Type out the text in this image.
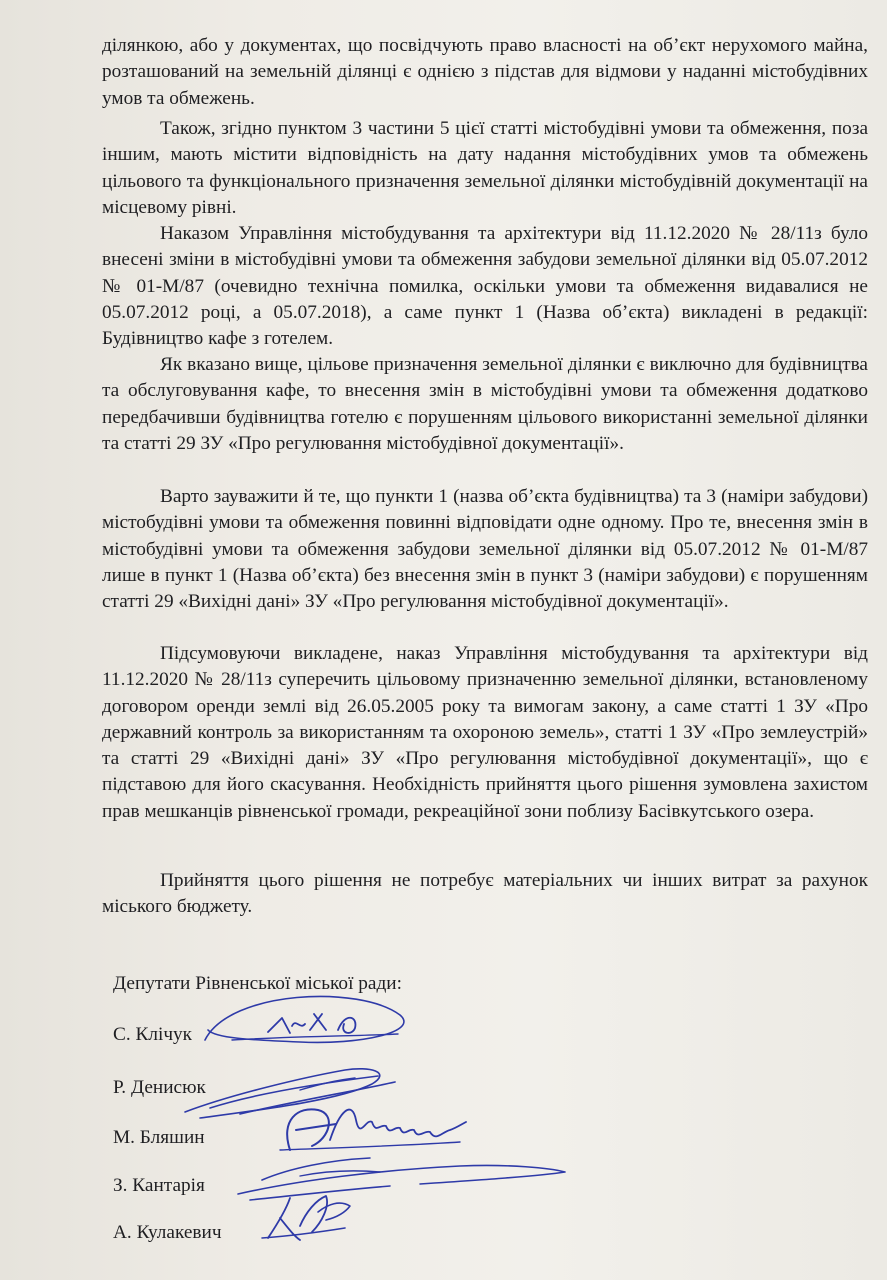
ділянкою, або у документах, що посвідчують право власності на об’єкт нерухомого майна, розташований на земельній ділянці є однією з підстав для відмови у наданні містобудівних умов та обмежень.

Також, згідно пунктом 3 частини 5 цієї статті містобудівні умови та обмеження, поза іншим, мають містити відповідність на дату надання містобудівних умов та обмежень цільового та функціонального призначення земельної ділянки містобудівній документації на місцевому рівні.

Наказом Управління містобудування та архітектури від 11.12.2020 № 28/11з було внесені зміни в містобудівні умови та обмеження забудови земельної ділянки від 05.07.2012 № 01-М/87 (очевидно технічна помилка, оскільки умови та обмеження видавалися не 05.07.2012 році, а 05.07.2018), а саме пункт 1 (Назва об’єкта) викладені в редакції: Будівництво кафе з готелем.

Як вказано вище, цільове призначення земельної ділянки є виключно для будівництва та обслуговування кафе, то внесення змін в містобудівні умови та обмеження додатково передбачивши будівництва готелю є порушенням цільового використанні земельної ділянки та статті 29 ЗУ «Про регулювання містобудівної документації».

Варто зауважити й те, що пункти 1 (назва об’єкта будівництва) та 3 (наміри забудови) містобудівні умови та обмеження повинні відповідати одне одному. Про те, внесення змін в містобудівні умови та обмеження забудови земельної ділянки від 05.07.2012 № 01-М/87 лише в пункт 1 (Назва об’єкта) без внесення змін в пункт 3 (наміри забудови) є порушенням статті 29 «Вихідні дані» ЗУ «Про регулювання містобудівної документації».

Підсумовуючи викладене, наказ Управління містобудування та архітектури від 11.12.2020 № 28/11з суперечить цільовому призначенню земельної ділянки, встановленому договором оренди землі від 26.05.2005 року та вимогам закону, а саме статті 1 ЗУ «Про державний контроль за використанням та охороною земель», статті 1 ЗУ «Про землеустрій» та статті 29 «Вихідні дані» ЗУ «Про регулювання містобудівної документації», що є підставою для його скасування. Необхідність прийняття цього рішення зумовлена захистом прав мешканців рівненської громади, рекреаційної зони поблизу Басівкутського озера.

Прийняття цього рішення не потребує матеріальних чи інших витрат за рахунок міського бюджету.

Депутати Рівненської міської ради:

С. Клічук

Р. Денисюк

М. Бляшин

З. Кантарія

А. Кулакевич
